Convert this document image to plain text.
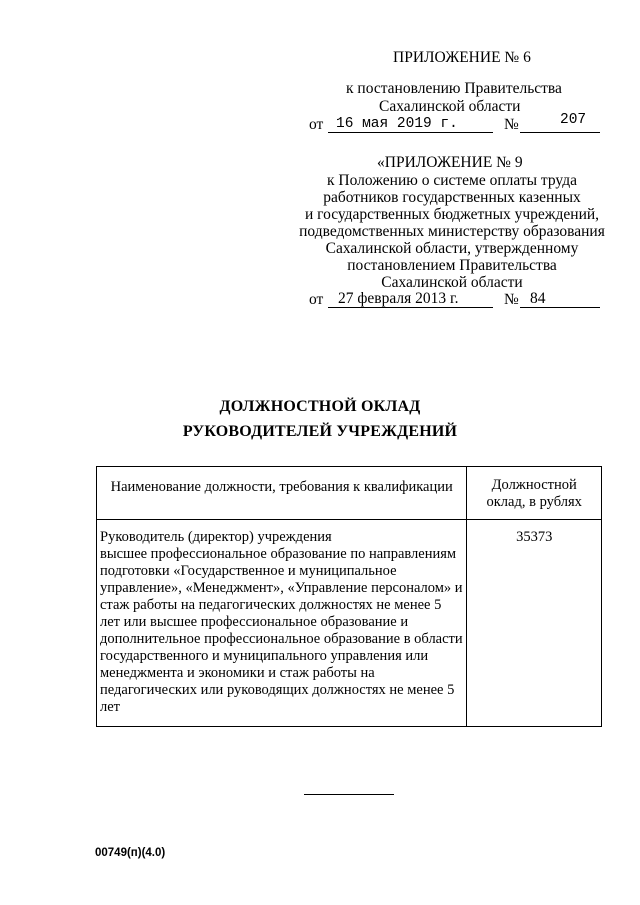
ПРИЛОЖЕНИЕ № 6
к постановлению Правительства
Сахалинской области
от 16 мая 2019 г.	№	207
«ПРИЛОЖЕНИЕ № 9
к Положению о системе оплаты труда
работников государственных казенных
и государственных бюджетных учреждений,
подведомственных министерству образования
Сахалинской области, утвержденному
постановлением Правительства
Сахалинской области
от 27 февраля 2013 г.	№ 84
ДОЛЖНОСТНОЙ ОКЛАД
РУКОВОДИТЕЛЕЙ УЧРЕЖДЕНИЙ
Наименование должности, требования к квалификации	Должностной оклад, в рублях

Руководитель (директор) учреждения
высшее профессиональное образование по направлениям подготовки «Государственное и муниципальное управление», «Менеджмент», «Управление персоналом» и стаж работы на педагогических должностях не менее 5 лет или высшее профессиональное образование и дополнительное профессиональное образование в области государственного и муниципального управления или менеджмента и экономики и стаж работы на педагогических или руководящих должностях не менее 5 лет	35373
00749(п)(4.0)
